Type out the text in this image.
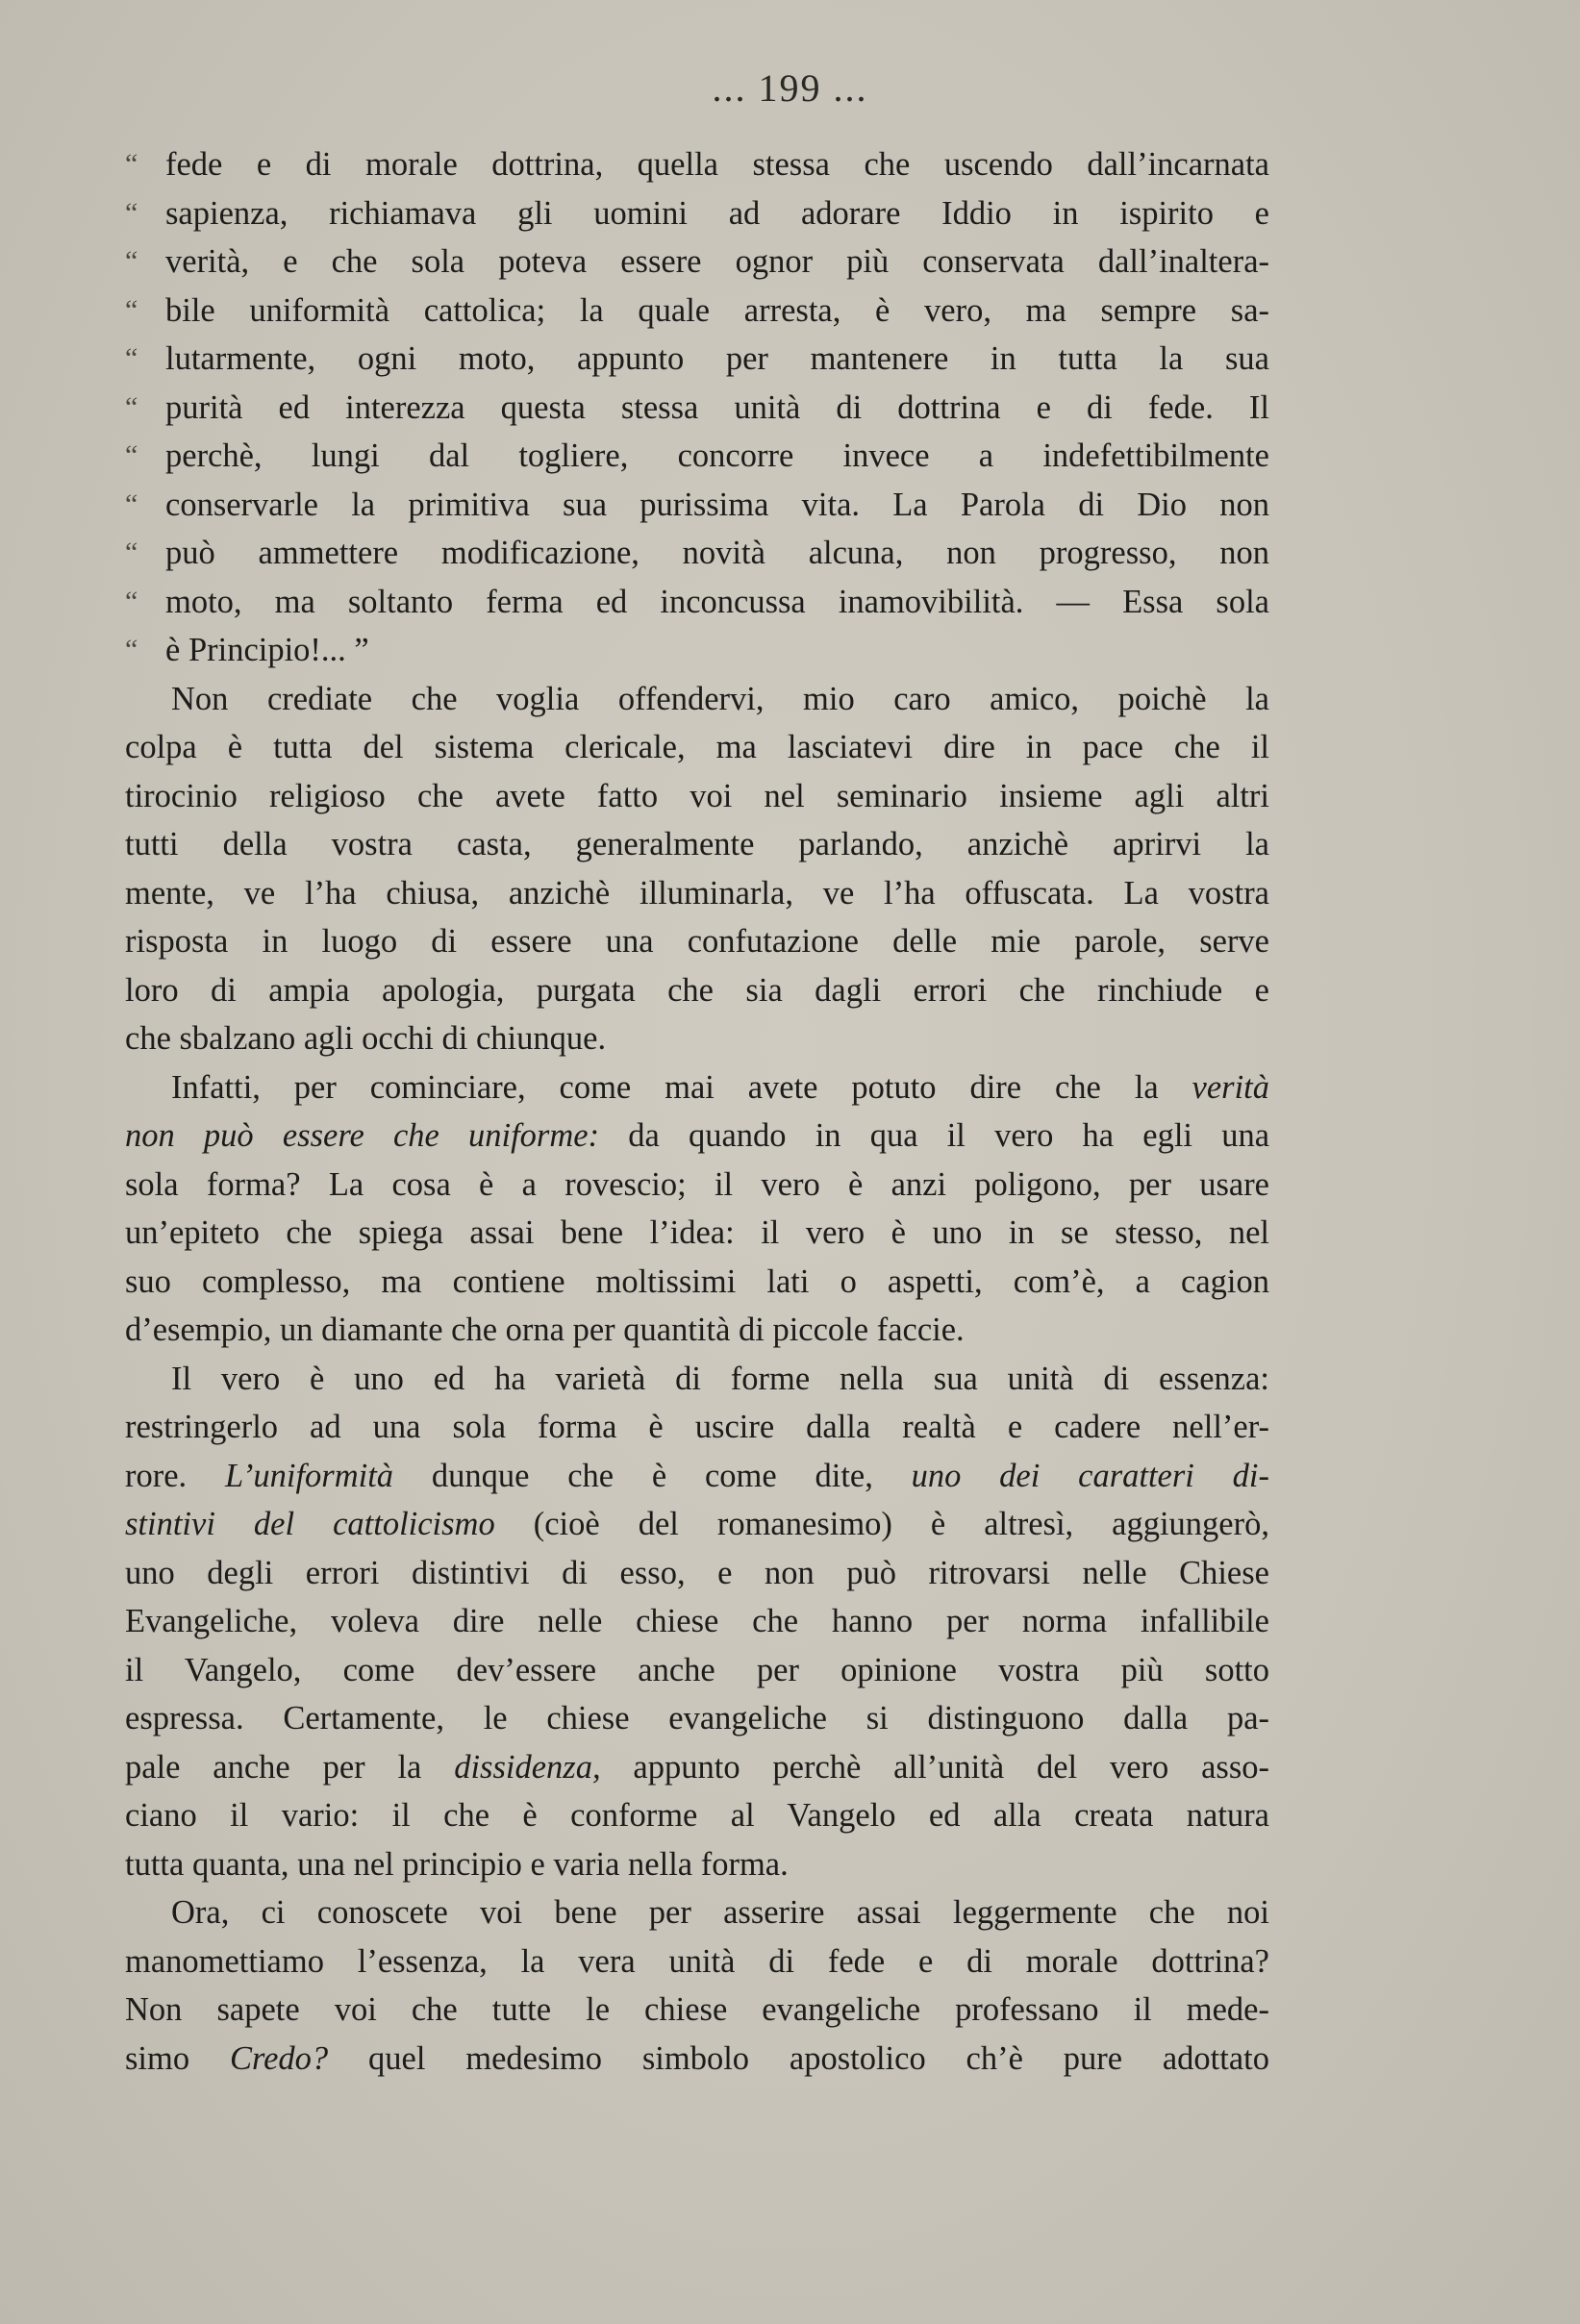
... 199 ...
“ fede e di morale dottrina, quella stessa che uscendo dall’incarnata
“ sapienza, richiamava gli uomini ad adorare Iddio in ispirito e
“ verità, e che sola poteva essere ognor più conservata dall’inaltera-
“ bile uniformità cattolica; la quale arresta, è vero, ma sempre sa-
“ lutarmente, ogni moto, appunto per mantenere in tutta la sua
“ purità ed interezza questa stessa unità di dottrina e di fede. Il
“ perchè, lungi dal togliere, concorre invece a indefettibilmente
“ conservarle la primitiva sua purissima vita. La Parola di Dio non
“ può ammettere modificazione, novità alcuna, non progresso, non
“ moto, ma soltanto ferma ed inconcussa inamovibilità. — Essa sola
“ è Principio!... ”
Non crediate che voglia offendervi, mio caro amico, poichè la
colpa è tutta del sistema clericale, ma lasciatevi dire in pace che il
tirocinio religioso che avete fatto voi nel seminario insieme agli altri
tutti della vostra casta, generalmente parlando, anzichè aprirvi la
mente, ve l’ha chiusa, anzichè illuminarla, ve l’ha offuscata. La vostra
risposta in luogo di essere una confutazione delle mie parole, serve
loro di ampia apologia, purgata che sia dagli errori che rinchiude e
che sbalzano agli occhi di chiunque.
Infatti, per cominciare, come mai avete potuto dire che la verità
non può essere che uniforme: da quando in qua il vero ha egli una
sola forma? La cosa è a rovescio; il vero è anzi poligono, per usare
un’epiteto che spiega assai bene l’idea: il vero è uno in se stesso, nel
suo complesso, ma contiene moltissimi lati o aspetti, com’è, a cagion
d’esempio, un diamante che orna per quantità di piccole faccie.
Il vero è uno ed ha varietà di forme nella sua unità di essenza:
restringerlo ad una sola forma è uscire dalla realtà e cadere nell’er-
rore. L’uniformità dunque che è come dite, uno dei caratteri di-
stintivi del cattolicismo (cioè del romanesimo) è altresì, aggiungerò,
uno degli errori distintivi di esso, e non può ritrovarsi nelle Chiese
Evangeliche, voleva dire nelle chiese che hanno per norma infallibile
il Vangelo, come dev’essere anche per opinione vostra più sotto
espressa. Certamente, le chiese evangeliche si distinguono dalla pa-
pale anche per la dissidenza, appunto perchè all’unità del vero asso-
ciano il vario: il che è conforme al Vangelo ed alla creata natura
tutta quanta, una nel principio e varia nella forma.
Ora, ci conoscete voi bene per asserire assai leggermente che noi
manomettiamo l’essenza, la vera unità di fede e di morale dottrina?
Non sapete voi che tutte le chiese evangeliche professano il mede-
simo Credo? quel medesimo simbolo apostolico ch’è pure adottato
